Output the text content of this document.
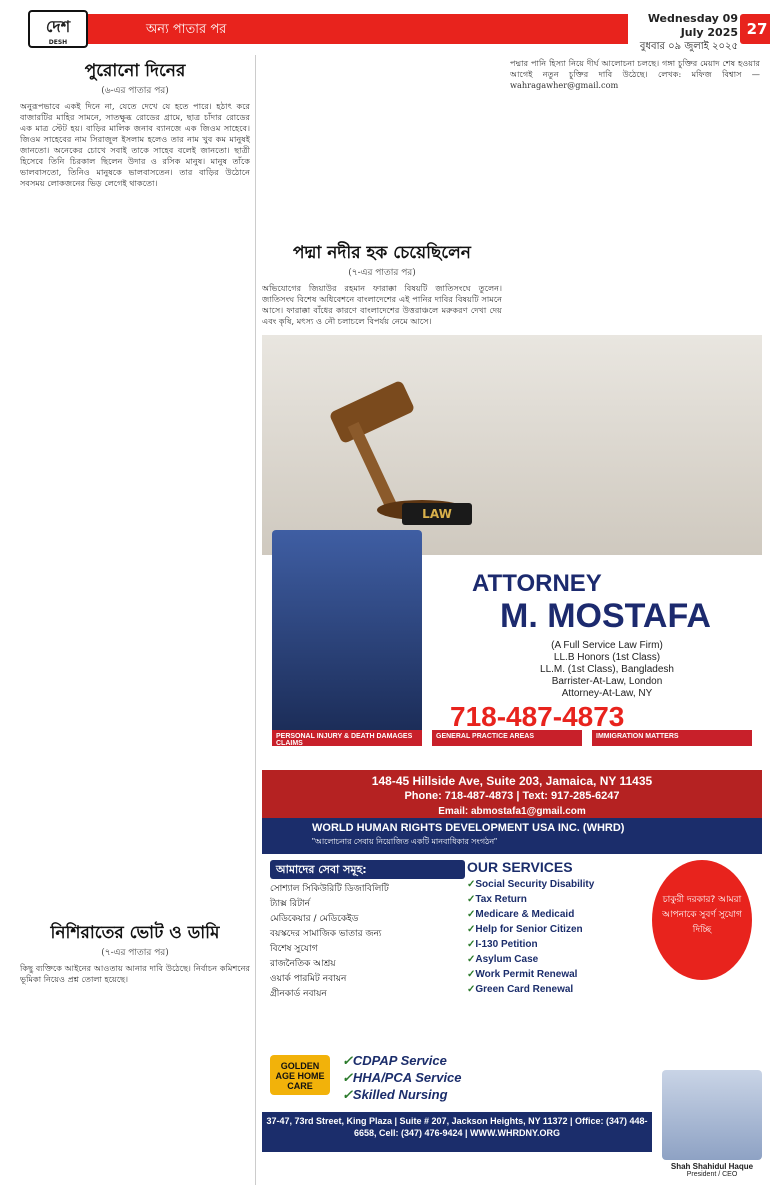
দেশ
DESH
অন্য পাতার পর
Wednesday 09 July 2025
বুধবার ০৯ জুলাই ২০২৫
27
পুরোনো দিনের
(৬-এর পাতার পর)

অনুরূপভাবে একই দিনে না, যেতে দেখে যে হতে পারে। হঠাৎ করে বাজারটির মাহির সামনে, সাতক্ষুব্ধ রোডের গ্রামে, ছাত্র চাঁদার রোডের এক মাত্র স্টেট হয়। বাড়ির মালিক জনাব ব্যানজে এক জিওম সাহেবে। জিওম সাহেবের নাম সিরাজুল ইসলাম হলেও তার নাম খুব কম মানুষই জানতো। অনেকের চোখে সবাই তাকে সাহেব বলেই জানতো। ছাত্রী হিসেবে তিনি চিরকাল ছিলেন উদার ও রসিক মানুষ। মানুষ তাঁকে ভালবাসতো, তিনিও মানুষকে ভালবাসতেন। তার বাড়ির উঠোনে সবসময় লোকজনের ভিড় লেগেই থাকতো।

নিশিরাতের ভোট ও ডামি
(৭-এর পাতার পর)

কিছু ব্যক্তিকে আইনের আওতায় আনার দাবি উঠেছে। নির্বাচন কমিশনের ভূমিকা নিয়েও প্রশ্ন তোলা হয়েছে।

পদ্মা নদীর হক চেয়েছিলেন
(৭-এর পাতার পর)

অভিযোগের জিয়াউর রহমান ফারাক্কা বিষয়টি জাতিসংঘে তুলেন। জাতিসংঘ বিশেষ অধিবেশনে বাংলাদেশের এই পানির দাবির বিষয়টি সামনে আসে। ফারাক্কা বাঁধের কারণে বাংলাদেশের উত্তরাঞ্চলে মরুকরণ দেখা দেয় এবং কৃষি, মৎস্য ও নৌ চলাচলে বিপর্যয় নেমে আসে।

পদ্মার পানি হিস্যা নিয়ে দীর্ঘ আলোচনা চলছে। গঙ্গা চুক্তির মেয়াদ শেষ হওয়ার আগেই নতুন চুক্তির দাবি উঠেছে। লেখক: মফিজ বিশ্বাস — wahragawher@gmail.com

LAW
ATTORNEY
M. MOSTAFA
(A Full Service Law Firm)
LL.B Honors (1st Class)
LL.M. (1st Class), Bangladesh
Barrister-At-Law, London
Attorney-At-Law, NY
718-487-4873
PERSONAL INJURY & DEATH DAMAGES CLAIMS
GENERAL PRACTICE AREAS	IMMIGRATION MATTERS
148-45 Hillside Ave, Suite 203, Jamaica, NY 11435
Phone: 718-487-4873 | Text: 917-285-6247
Email: abmostafa1@gmail.com
WORLD HUMAN RIGHTS DEVELOPMENT USA INC. (WHRD)
"আলোচনার সেবায় নিয়োজিত একটি মানবাধিকার সংগঠন"
আমাদের সেবা সমূহ:
সোশ্যাল সিকিউরিটি ডিজাবিলিটি
ট্যাক্স রিটার্ন
মেডিকেয়ার / মেডিকেইড
বয়স্কদের সামাজিক ভাতার জন্য
বিশেষ সুযোগ
রাজনৈতিক আশ্রয়
ওয়ার্ক পারমিট নবায়ন
গ্রীনকার্ড নবায়ন
OUR SERVICES
✓ Social Security Disability
✓ Tax Return
✓ Medicare & Medicaid
✓ Help for Senior Citizen
✓ I-130 Petition
✓ Asylum Case
✓ Work Permit Renewal
✓ Green Card Renewal
চাকুরী দরকার? আমরা আপনাকে সুবর্ণ সুযোগ দিচ্ছি
GOLDEN AGE HOME CARE
✓ CDPAP Service
✓ HHA/PCA Service
✓ Skilled Nursing
37-47, 73rd Street, King Plaza | Suite # 207, Jackson Heights, NY 11372 | Office: (347) 448-6658, Cell: (347) 476-9424 | WWW.WHRDNY.ORG
Shah Shahidul Haque
President / CEO
